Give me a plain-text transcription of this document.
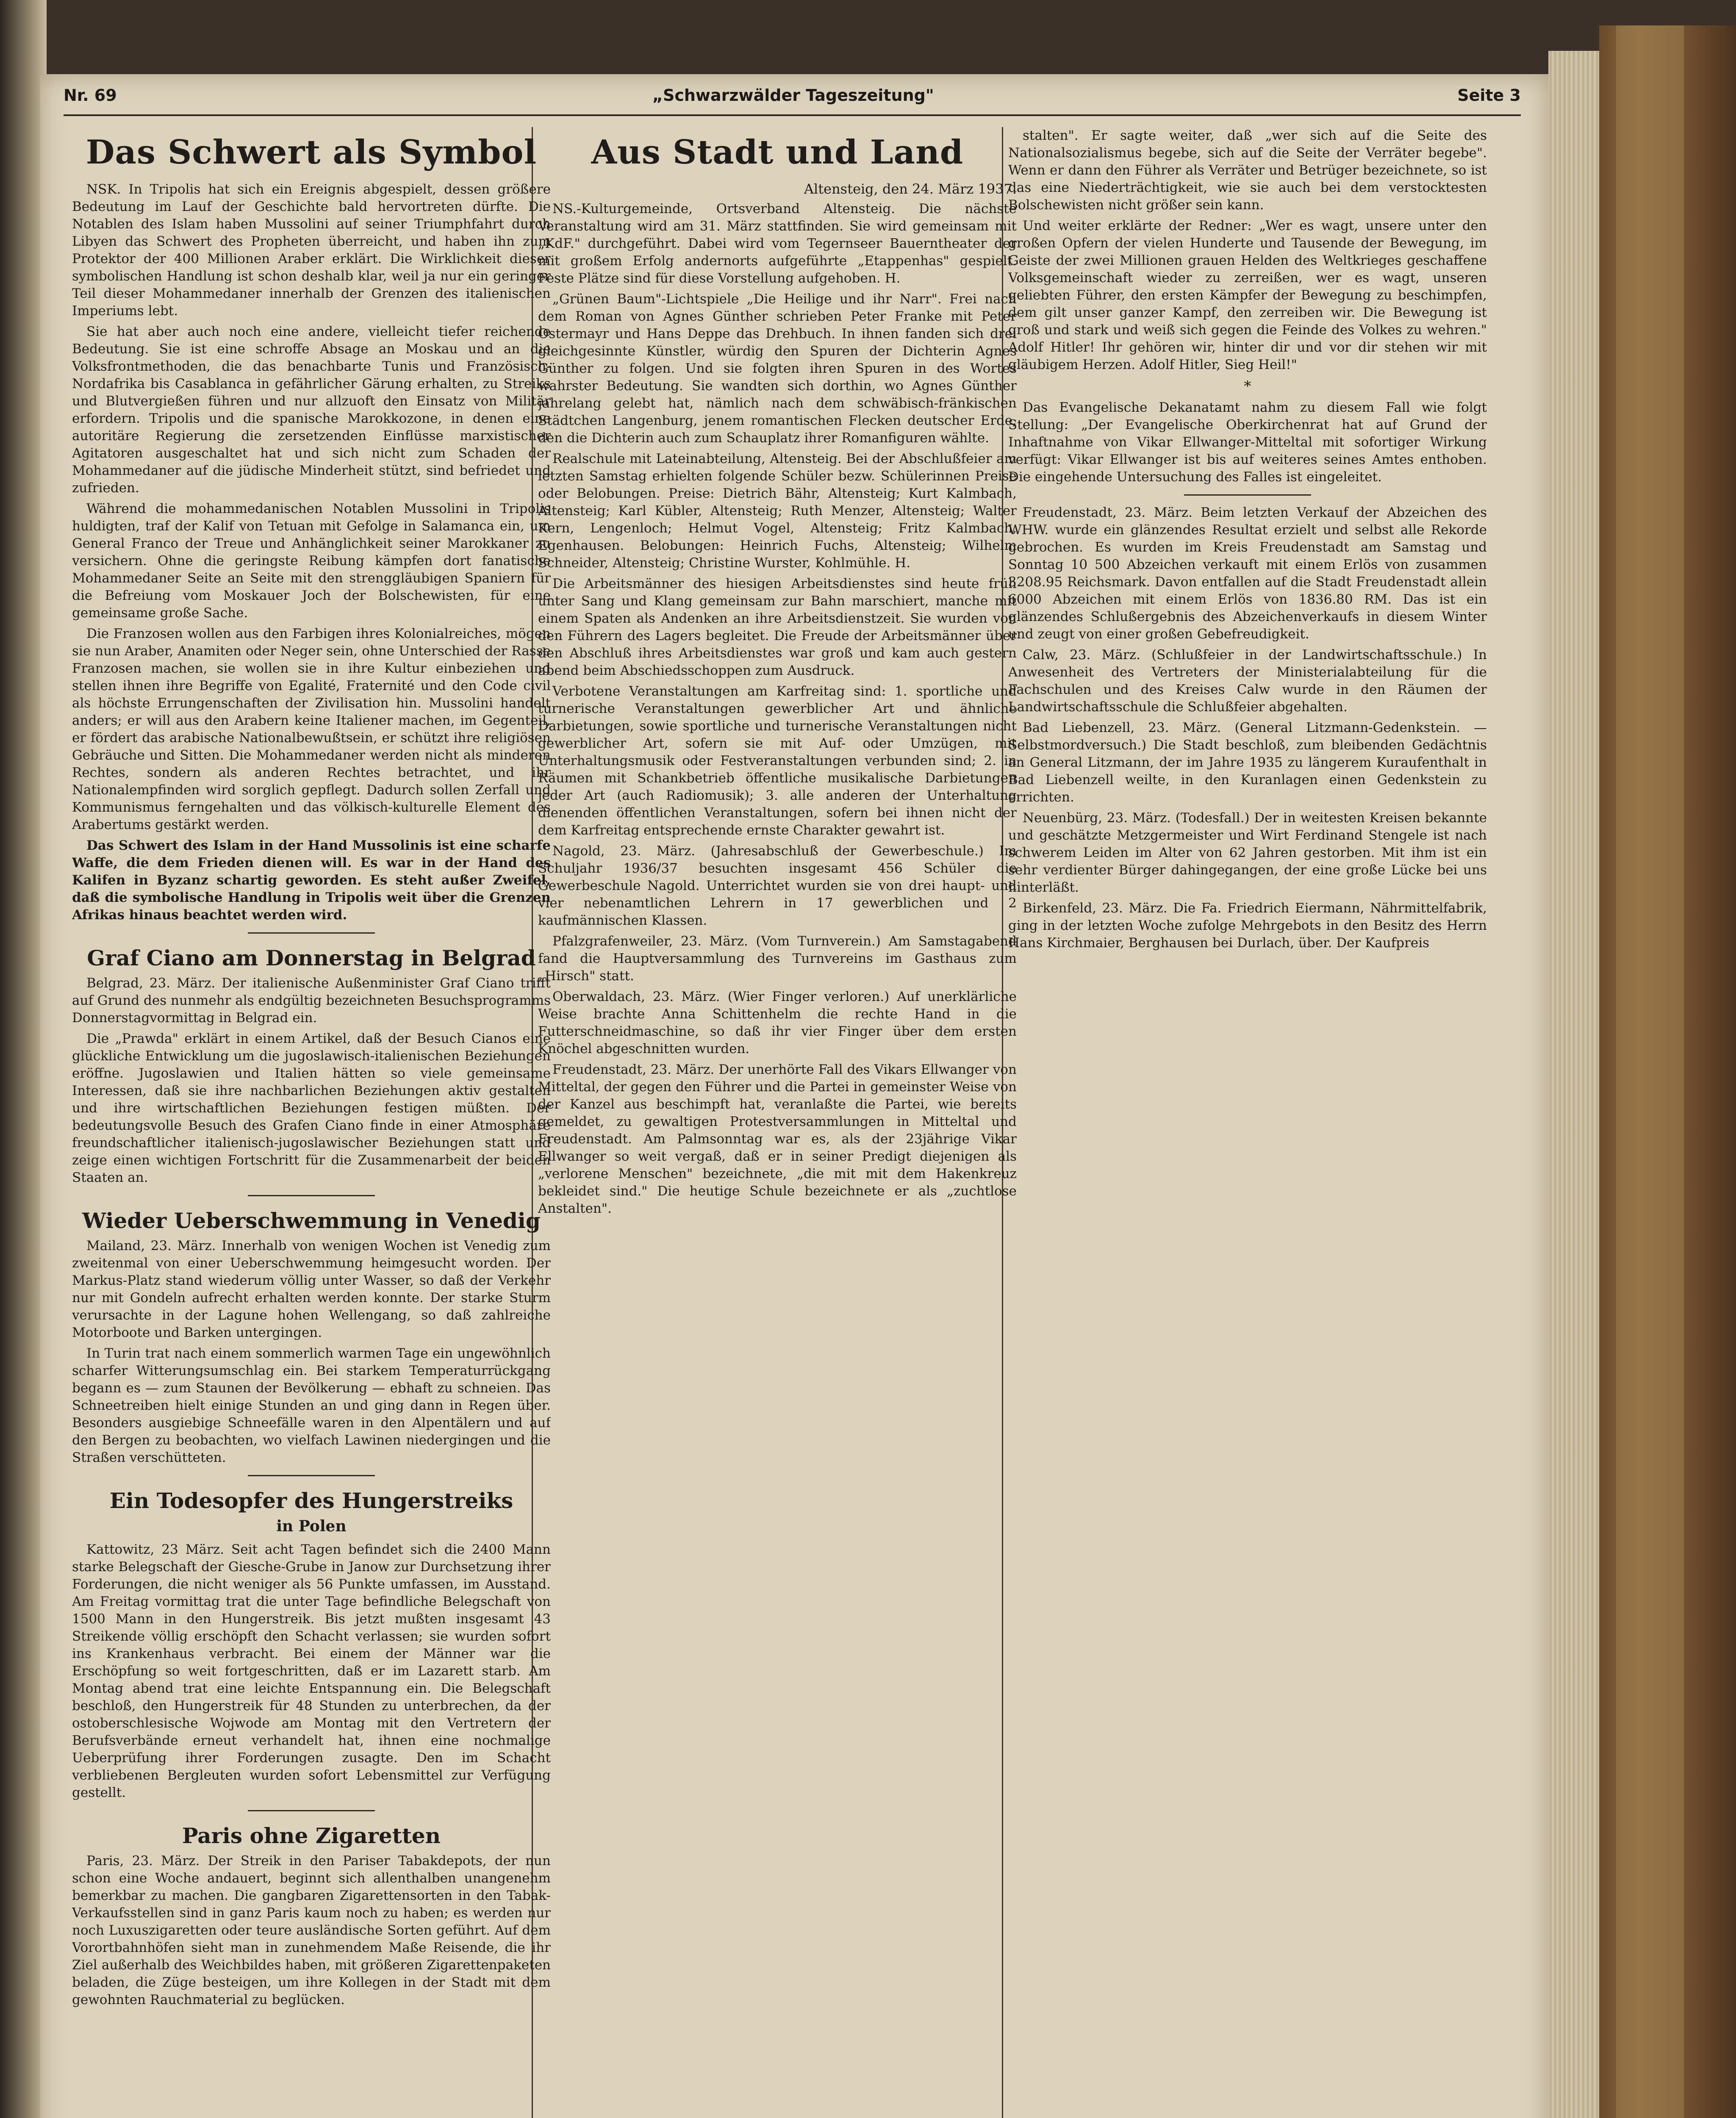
Nr. 69	„Schwarzwälder Tageszeitung"	Seite 3
Das Schwert als Symbol

NSK. In Tripolis hat sich ein Ereignis abgespielt, dessen größere Bedeutung im Lauf der Geschichte bald hervortreten dürfte. Die Notablen des Islam haben Mussolini auf seiner Triumphfahrt durch Libyen das Schwert des Propheten überreicht, und haben ihn zum Protektor der 400 Millionen Araber erklärt. Die Wirklichkeit dieser symbolischen Handlung ist schon deshalb klar, weil ja nur ein geringer Teil dieser Mohammedaner innerhalb der Grenzen des italienischen Imperiums lebt.

Sie hat aber auch noch eine andere, vielleicht tiefer reichende Bedeutung. Sie ist eine schroffe Absage an Moskau und an die Volksfrontmethoden, die das benachbarte Tunis und Französisch-Nordafrika bis Casablanca in gefährlicher Gärung erhalten, zu Streiks und Blutvergießen führen und nur allzuoft den Einsatz von Militär erfordern. Tripolis und die spanische Marokkozone, in denen eine autoritäre Regierung die zersetzenden Einflüsse marxistischer Agitatoren ausgeschaltet hat und sich nicht zum Schaden der Mohammedaner auf die jüdische Minderheit stützt, sind befriedet und zufrieden.

Während die mohammedanischen Notablen Mussolini in Tripolis huldigten, traf der Kalif von Tetuan mit Gefolge in Salamanca ein, um General Franco der Treue und Anhänglichkeit seiner Marokkaner zu versichern. Ohne die geringste Reibung kämpfen dort fanatische Mohammedaner Seite an Seite mit den strenggläubigen Spaniern für die Befreiung vom Moskauer Joch der Bolschewisten, für eine gemeinsame große Sache.

Die Franzosen wollen aus den Farbigen ihres Kolonialreiches, mögen sie nun Araber, Anamiten oder Neger sein, ohne Unterschied der Rasse Franzosen machen, sie wollen sie in ihre Kultur einbeziehen und stellen ihnen ihre Begriffe von Egalité, Fraternité und den Code civil als höchste Errungenschaften der Zivilisation hin. Mussolini handelt anders; er will aus den Arabern keine Italiener machen, im Gegenteil, er fördert das arabische Nationalbewußtsein, er schützt ihre religiösen Gebräuche und Sitten. Die Mohammedaner werden nicht als minderen Rechtes, sondern als anderen Rechtes betrachtet, und ihr Nationalempfinden wird sorglich gepflegt. Dadurch sollen Zerfall und Kommunismus ferngehalten und das völkisch-kulturelle Element des Arabertums gestärkt werden.

Das Schwert des Islam in der Hand Mussolinis ist eine scharfe Waffe, die dem Frieden dienen will. Es war in der Hand des Kalifen in Byzanz schartig geworden. Es steht außer Zweifel, daß die symbolische Handlung in Tripolis weit über die Grenzen Afrikas hinaus beachtet werden wird.

Graf Ciano am Donnerstag in Belgrad

Belgrad, 23. März. Der italienische Außenminister Graf Ciano trifft auf Grund des nunmehr als endgültig bezeichneten Besuchsprogramms Donnerstagvormittag in Belgrad ein.

Die „Prawda" erklärt in einem Artikel, daß der Besuch Cianos eine glückliche Entwicklung um die jugoslawisch-italienischen Beziehungen eröffne. Jugoslawien und Italien hätten so viele gemeinsame Interessen, daß sie ihre nachbarlichen Beziehungen aktiv gestalten und ihre wirtschaftlichen Beziehungen festigen müßten. Der bedeutungsvolle Besuch des Grafen Ciano finde in einer Atmosphäre freundschaftlicher italienisch-jugoslawischer Beziehungen statt und zeige einen wichtigen Fortschritt für die Zusammenarbeit der beiden Staaten an.

Wieder Ueberschwemmung in Venedig

Mailand, 23. März. Innerhalb von wenigen Wochen ist Venedig zum zweitenmal von einer Ueberschwemmung heimgesucht worden. Der Markus-Platz stand wiederum völlig unter Wasser, so daß der Verkehr nur mit Gondeln aufrecht erhalten werden konnte. Der starke Sturm verursachte in der Lagune hohen Wellengang, so daß zahlreiche Motorboote und Barken untergingen.

In Turin trat nach einem sommerlich warmen Tage ein ungewöhnlich scharfer Witterungsumschlag ein. Bei starkem Temperaturrückgang begann es — zum Staunen der Bevölkerung — ebhaft zu schneien. Das Schneetreiben hielt einige Stunden an und ging dann in Regen über. Besonders ausgiebige Schneefälle waren in den Alpentälern und auf den Bergen zu beobachten, wo vielfach Lawinen niedergingen und die Straßen verschütteten.

Ein Todesopfer des Hungerstreiks
in Polen

Kattowitz, 23 März. Seit acht Tagen befindet sich die 2400 Mann starke Belegschaft der Giesche-Grube in Janow zur Durchsetzung ihrer Forderungen, die nicht weniger als 56 Punkte umfassen, im Ausstand. Am Freitag vormittag trat die unter Tage befindliche Belegschaft von 1500 Mann in den Hungerstreik. Bis jetzt mußten insgesamt 43 Streikende völlig erschöpft den Schacht verlassen; sie wurden sofort ins Krankenhaus verbracht. Bei einem der Männer war die Erschöpfung so weit fortgeschritten, daß er im Lazarett starb. Am Montag abend trat eine leichte Entspannung ein. Die Belegschaft beschloß, den Hungerstreik für 48 Stunden zu unterbrechen, da der ostoberschlesische Wojwode am Montag mit den Vertretern der Berufsverbände erneut verhandelt hat, ihnen eine nochmalige Ueberprüfung ihrer Forderungen zusagte. Den im Schacht verbliebenen Bergleuten wurden sofort Lebensmittel zur Verfügung gestellt.

Paris ohne Zigaretten

Paris, 23. März. Der Streik in den Pariser Tabakdepots, der nun schon eine Woche andauert, beginnt sich allenthalben unangenehm bemerkbar zu machen. Die gangbaren Zigarettensorten in den Tabak-Verkaufsstellen sind in ganz Paris kaum noch zu haben; es werden nur noch Luxuszigaretten oder teure ausländische Sorten geführt. Auf dem Vorortbahnhöfen sieht man in zunehmendem Maße Reisende, die ihr Ziel außerhalb des Weichbildes haben, mit größeren Zigarettenpaketen beladen, die Züge besteigen, um ihre Kollegen in der Stadt mit dem gewohnten Rauchmaterial zu beglücken.

Aus Stadt und Land
Altensteig, den 24. März 1937.

NS.-Kulturgemeinde, Ortsverband Altensteig. Die nächste Veranstaltung wird am 31. März stattfinden. Sie wird gemeinsam mit „KdF." durchgeführt. Dabei wird vom Tegernseer Bauerntheater der mit großem Erfolg andernorts aufgeführte „Etappenhas" gespielt. Feste Plätze sind für diese Vorstellung aufgehoben. H.

„Grünen Baum"-Lichtspiele „Die Heilige und ihr Narr". Frei nach dem Roman von Agnes Günther schrieben Peter Franke mit Peter Ostermayr und Hans Deppe das Drehbuch. In ihnen fanden sich drei gleichgesinnte Künstler, würdig den Spuren der Dichterin Agnes Günther zu folgen. Und sie folgten ihren Spuren in des Wortes wahrster Bedeutung. Sie wandten sich dorthin, wo Agnes Günther jahrelang gelebt hat, nämlich nach dem schwäbisch-fränkischen Städtchen Langenburg, jenem romantischen Flecken deutscher Erde, den die Dichterin auch zum Schauplatz ihrer Romanfiguren wählte.

Realschule mit Lateinabteilung, Altensteig. Bei der Abschlußfeier am letzten Samstag erhielten folgende Schüler bezw. Schülerinnen Preise oder Belobungen. Preise: Dietrich Bähr, Altensteig; Kurt Kalmbach, Altensteig; Karl Kübler, Altensteig; Ruth Menzer, Altensteig; Walter Kern, Lengenloch; Helmut Vogel, Altensteig; Fritz Kalmbach, Egenhausen. Belobungen: Heinrich Fuchs, Altensteig; Wilhelm Schneider, Altensteig; Christine Wurster, Kohlmühle. H.

Die Arbeitsmänner des hiesigen Arbeitsdienstes sind heute früh unter Sang und Klang gemeinsam zur Bahn marschiert, manche mit einem Spaten als Andenken an ihre Arbeitsdienstzeit. Sie wurden von den Führern des Lagers begleitet. Die Freude der Arbeitsmänner über den Abschluß ihres Arbeitsdienstes war groß und kam auch gestern abend beim Abschiedsschoppen zum Ausdruck.

Verbotene Veranstaltungen am Karfreitag sind: 1. sportliche und turnerische Veranstaltungen gewerblicher Art und ähnliche Darbietungen, sowie sportliche und turnerische Veranstaltungen nicht gewerblicher Art, sofern sie mit Auf- oder Umzügen, mit Unterhaltungsmusik oder Festveranstaltungen verbunden sind; 2. in Räumen mit Schankbetrieb öffentliche musikalische Darbietungen jeder Art (auch Radiomusik); 3. alle anderen der Unterhaltung dienenden öffentlichen Veranstaltungen, sofern bei ihnen nicht der dem Karfreitag entsprechende ernste Charakter gewahrt ist.

Nagold, 23. März. (Jahresabschluß der Gewerbeschule.) Im Schuljahr 1936/37 besuchten insgesamt 456 Schüler die Gewerbeschule Nagold. Unterrichtet wurden sie von drei haupt- und vier nebenamtlichen Lehrern in 17 gewerblichen und 2 kaufmännischen Klassen.

Pfalzgrafenweiler, 23. März. (Vom Turnverein.) Am Samstagabend fand die Hauptversammlung des Turnvereins im Gasthaus zum „Hirsch" statt.

Oberwaldach, 23. März. (Wier Finger verloren.) Auf unerklärliche Weise brachte Anna Schittenhelm die rechte Hand in die Futterschneidmaschine, so daß ihr vier Finger über dem ersten Knöchel abgeschnitten wurden.

Freudenstadt, 23. März. Der unerhörte Fall des Vikars Ellwanger von Mitteltal, der gegen den Führer und die Partei in gemeinster Weise von der Kanzel aus beschimpft hat, veranlaßte die Partei, wie bereits gemeldet, zu gewaltigen Protestversammlungen in Mitteltal und Freudenstadt. Am Palmsonntag war es, als der 23jährige Vikar Ellwanger so weit vergaß, daß er in seiner Predigt diejenigen als „verlorene Menschen" bezeichnete, „die mit mit dem Hakenkreuz bekleidet sind." Die heutige Schule bezeichnete er als „zuchtlose Anstalten".

stalten". Er sagte weiter, daß „wer sich auf die Seite des Nationalsozialismus begebe, sich auf die Seite der Verräter begebe". Wenn er dann den Führer als Verräter und Betrüger bezeichnete, so ist das eine Niederträchtigkeit, wie sie auch bei dem verstocktesten Bolschewisten nicht größer sein kann.

Und weiter erklärte der Redner: „Wer es wagt, unsere unter den großen Opfern der vielen Hunderte und Tausende der Bewegung, im Geiste der zwei Millionen grauen Helden des Weltkrieges geschaffene Volksgemeinschaft wieder zu zerreißen, wer es wagt, unseren geliebten Führer, den ersten Kämpfer der Bewegung zu beschimpfen, dem gilt unser ganzer Kampf, den zerreiben wir. Die Bewegung ist groß und stark und weiß sich gegen die Feinde des Volkes zu wehren." Adolf Hitler! Ihr gehören wir, hinter dir und vor dir stehen wir mit gläubigem Herzen. Adolf Hitler, Sieg Heil!"

*

Das Evangelische Dekanatamt nahm zu diesem Fall wie folgt Stellung: „Der Evangelische Oberkirchenrat hat auf Grund der Inhaftnahme von Vikar Ellwanger-Mitteltal mit sofortiger Wirkung verfügt: Vikar Ellwanger ist bis auf weiteres seines Amtes enthoben. Die eingehende Untersuchung des Falles ist eingeleitet.

Freudenstadt, 23. März. Beim letzten Verkauf der Abzeichen des WHW. wurde ein glänzendes Resultat erzielt und selbst alle Rekorde gebrochen. Es wurden im Kreis Freudenstadt am Samstag und Sonntag 10 500 Abzeichen verkauft mit einem Erlös von zusammen 3208.95 Reichsmark. Davon entfallen auf die Stadt Freudenstadt allein 6000 Abzeichen mit einem Erlös von 1836.80 RM. Das ist ein glänzendes Schlußergebnis des Abzeichenverkaufs in diesem Winter und zeugt von einer großen Gebefreudigkeit.

Calw, 23. März. (Schlußfeier in der Landwirtschaftsschule.) In Anwesenheit des Vertreters der Ministerialabteilung für die Fachschulen und des Kreises Calw wurde in den Räumen der Landwirtschaftsschule die Schlußfeier abgehalten.

Bad Liebenzell, 23. März. (General Litzmann-Gedenkstein. — Selbstmordversuch.) Die Stadt beschloß, zum bleibenden Gedächtnis an General Litzmann, der im Jahre 1935 zu längerem Kuraufenthalt in Bad Liebenzell weilte, in den Kuranlagen einen Gedenkstein zu errichten.

Neuenbürg, 23. März. (Todesfall.) Der in weitesten Kreisen bekannte und geschätzte Metzgermeister und Wirt Ferdinand Stengele ist nach schwerem Leiden im Alter von 62 Jahren gestorben. Mit ihm ist ein sehr verdienter Bürger dahingegangen, der eine große Lücke bei uns hinterläßt.

Birkenfeld, 23. März. Die Fa. Friedrich Eiermann, Nährmittelfabrik, ging in der letzten Woche zufolge Mehrgebots in den Besitz des Herrn Hans Kirchmaier, Berghausen bei Durlach, über. Der Kaufpreis
